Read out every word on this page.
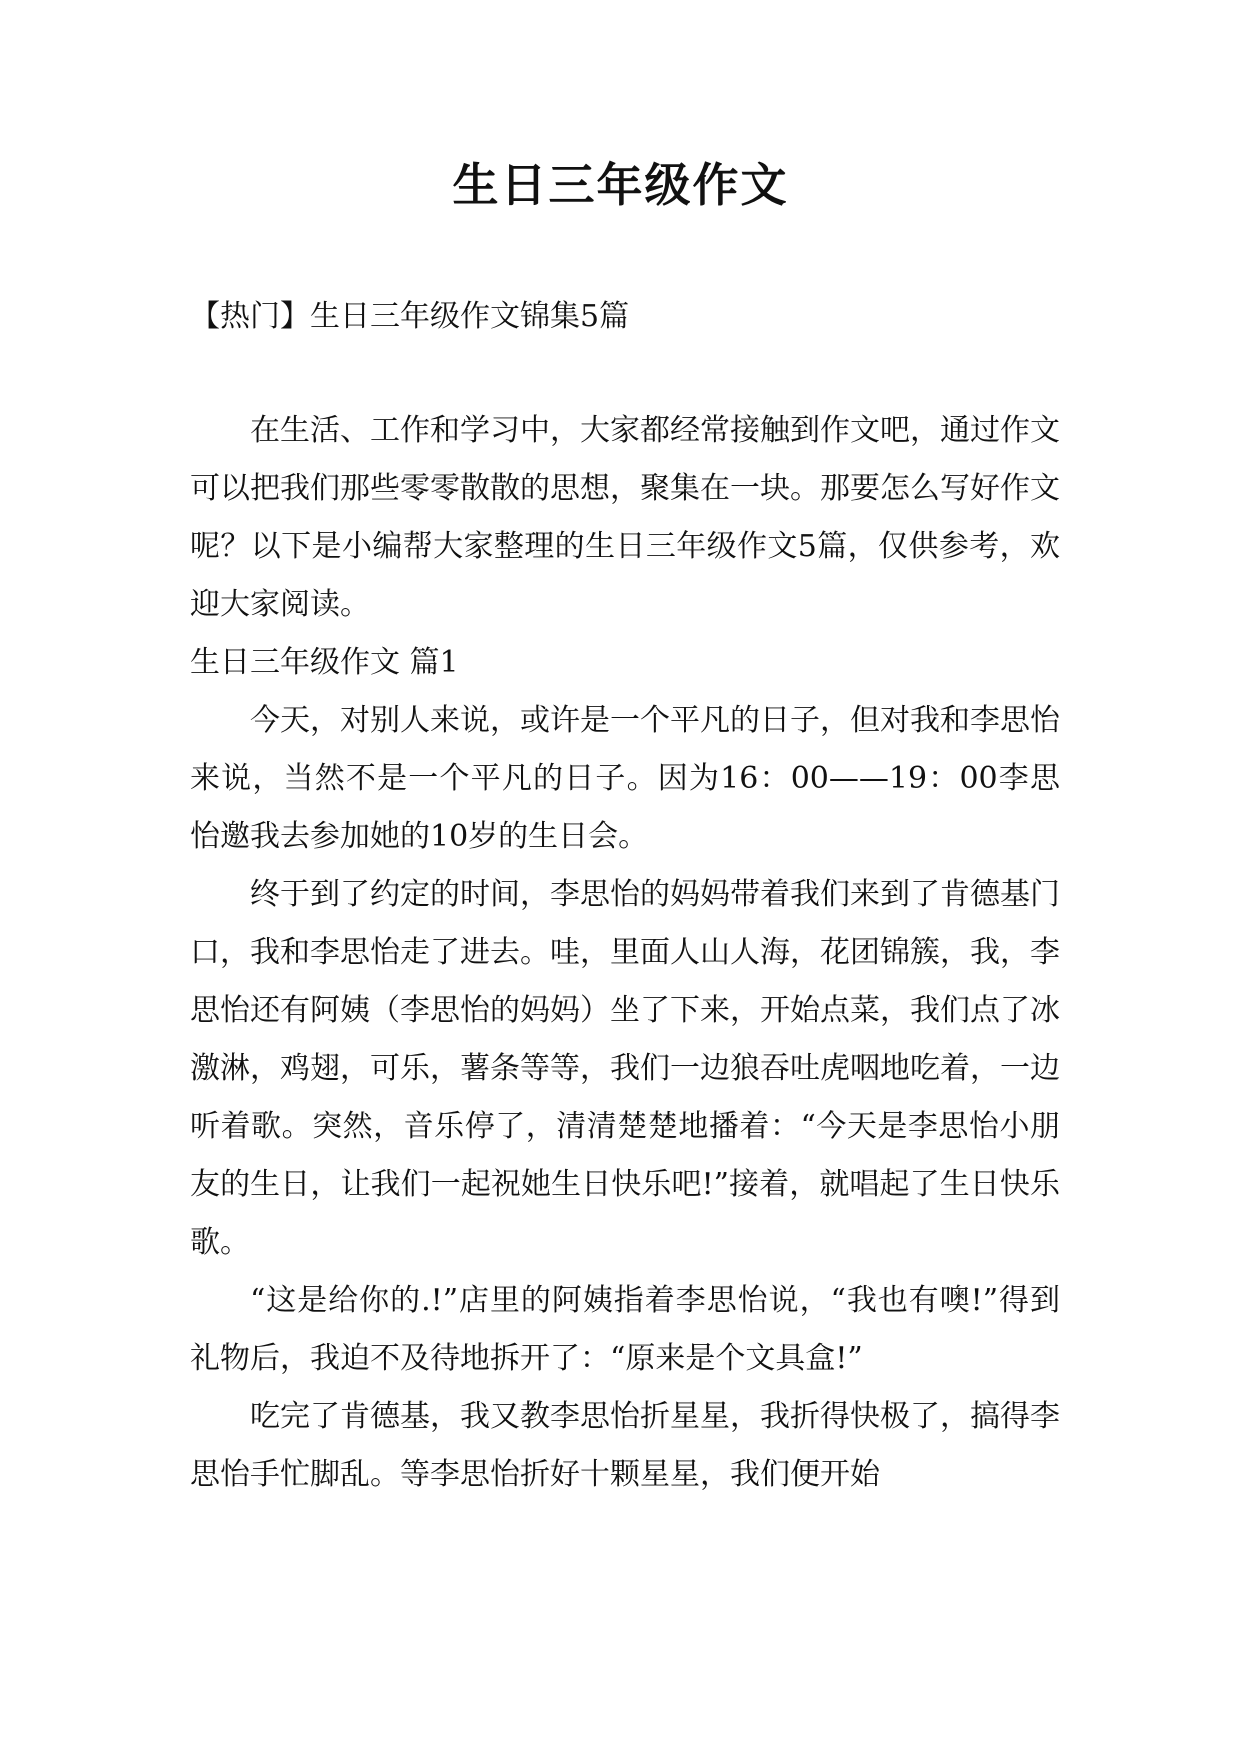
生日三年级作文
【热门】生日三年级作文锦集5篇

在生活、工作和学习中，大家都经常接触到作文吧，通过作文可以把我们那些零零散散的思想，聚集在一块。那要怎么写好作文呢？以下是小编帮大家整理的生日三年级作文5篇，仅供参考，欢迎大家阅读。

生日三年级作文 篇1

今天，对别人来说，或许是一个平凡的日子，但对我和李思怡来说，当然不是一个平凡的日子。因为16：00——19：00李思怡邀我去参加她的10岁的生日会。

终于到了约定的时间，李思怡的妈妈带着我们来到了肯德基门口，我和李思怡走了进去。哇，里面人山人海，花团锦簇，我，李思怡还有阿姨（李思怡的妈妈）坐了下来，开始点菜，我们点了冰激淋，鸡翅，可乐，薯条等等，我们一边狼吞吐虎咽地吃着，一边听着歌。突然，音乐停了，清清楚楚地播着：“今天是李思怡小朋友的生日，让我们一起祝她生日快乐吧!”接着，就唱起了生日快乐歌。

“这是给你的.!”店里的阿姨指着李思怡说，“我也有噢!”得到礼物后，我迫不及待地拆开了：“原来是个文具盒!”

吃完了肯德基，我又教李思怡折星星，我折得快极了，搞得李思怡手忙脚乱。等李思怡折好十颗星星，我们便开始
